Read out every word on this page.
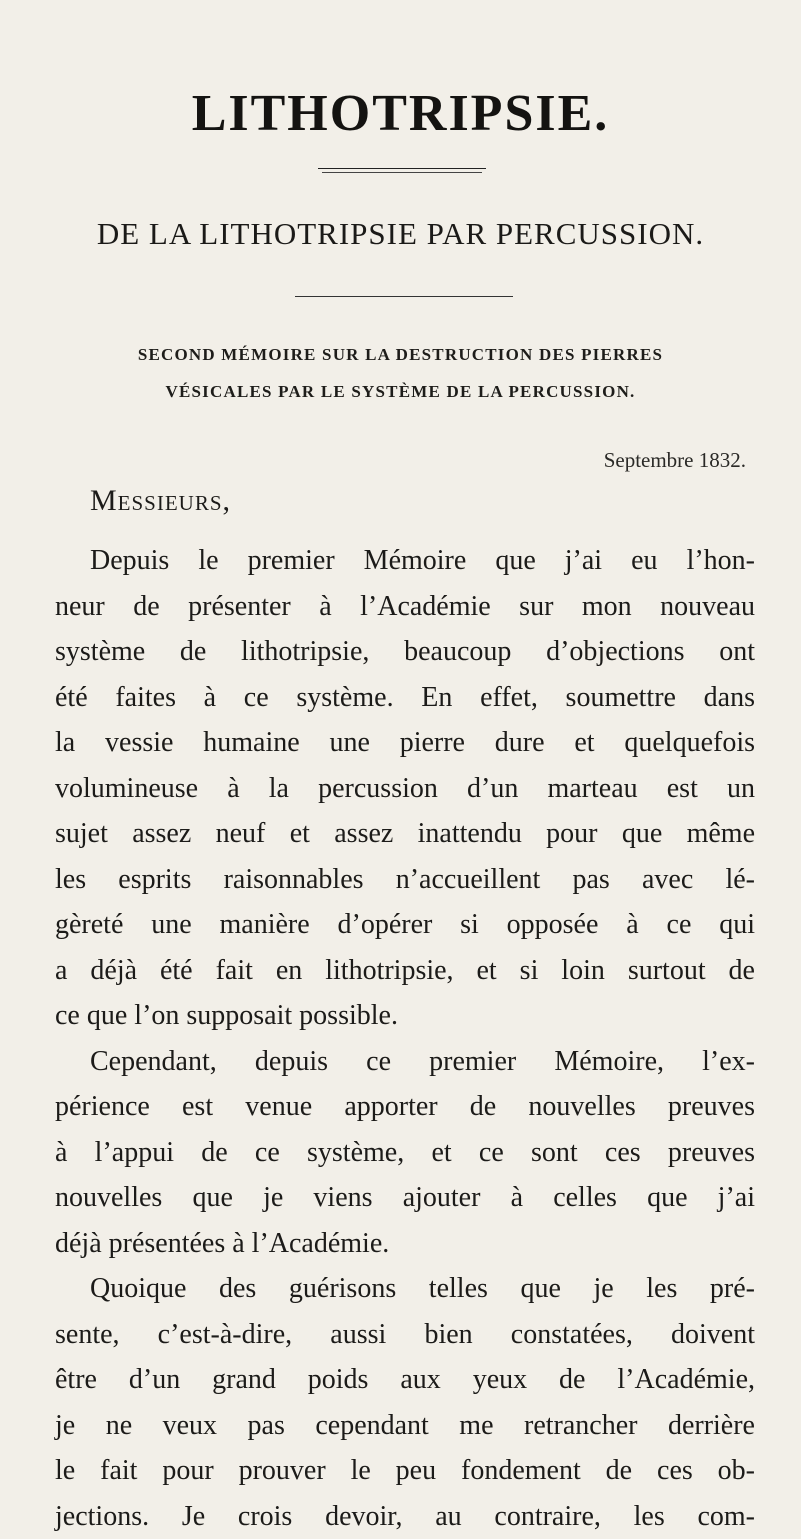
LITHOTRIPSIE.
DE LA LITHOTRIPSIE PAR PERCUSSION.
SECOND MÉMOIRE SUR LA DESTRUCTION DES PIERRES
VÉSICALES PAR LE SYSTÈME DE LA PERCUSSION.
Septembre 1832.
Messieurs,
Depuis le premier Mémoire que j’ai eu l’hon-
neur de présenter à l’Académie sur mon nouveau
système de lithotripsie, beaucoup d’objections ont
été faites à ce système. En effet, soumettre dans
la vessie humaine une pierre dure et quelquefois
volumineuse à la percussion d’un marteau est un
sujet assez neuf et assez inattendu pour que même
les esprits raisonnables n’accueillent pas avec lé-
gèreté une manière d’opérer si opposée à ce qui
a déjà été fait en lithotripsie, et si loin surtout de
ce que l’on supposait possible.
Cependant, depuis ce premier Mémoire, l’ex-
périence est venue apporter de nouvelles preuves
à l’appui de ce système, et ce sont ces preuves
nouvelles que je viens ajouter à celles que j’ai
déjà présentées à l’Académie.
Quoique des guérisons telles que je les pré-
sente, c’est-à-dire, aussi bien constatées, doivent
être d’un grand poids aux yeux de l’Académie,
je ne veux pas cependant me retrancher derrière
le fait pour prouver le peu fondement de ces ob-
jections. Je crois devoir, au contraire, les com-
